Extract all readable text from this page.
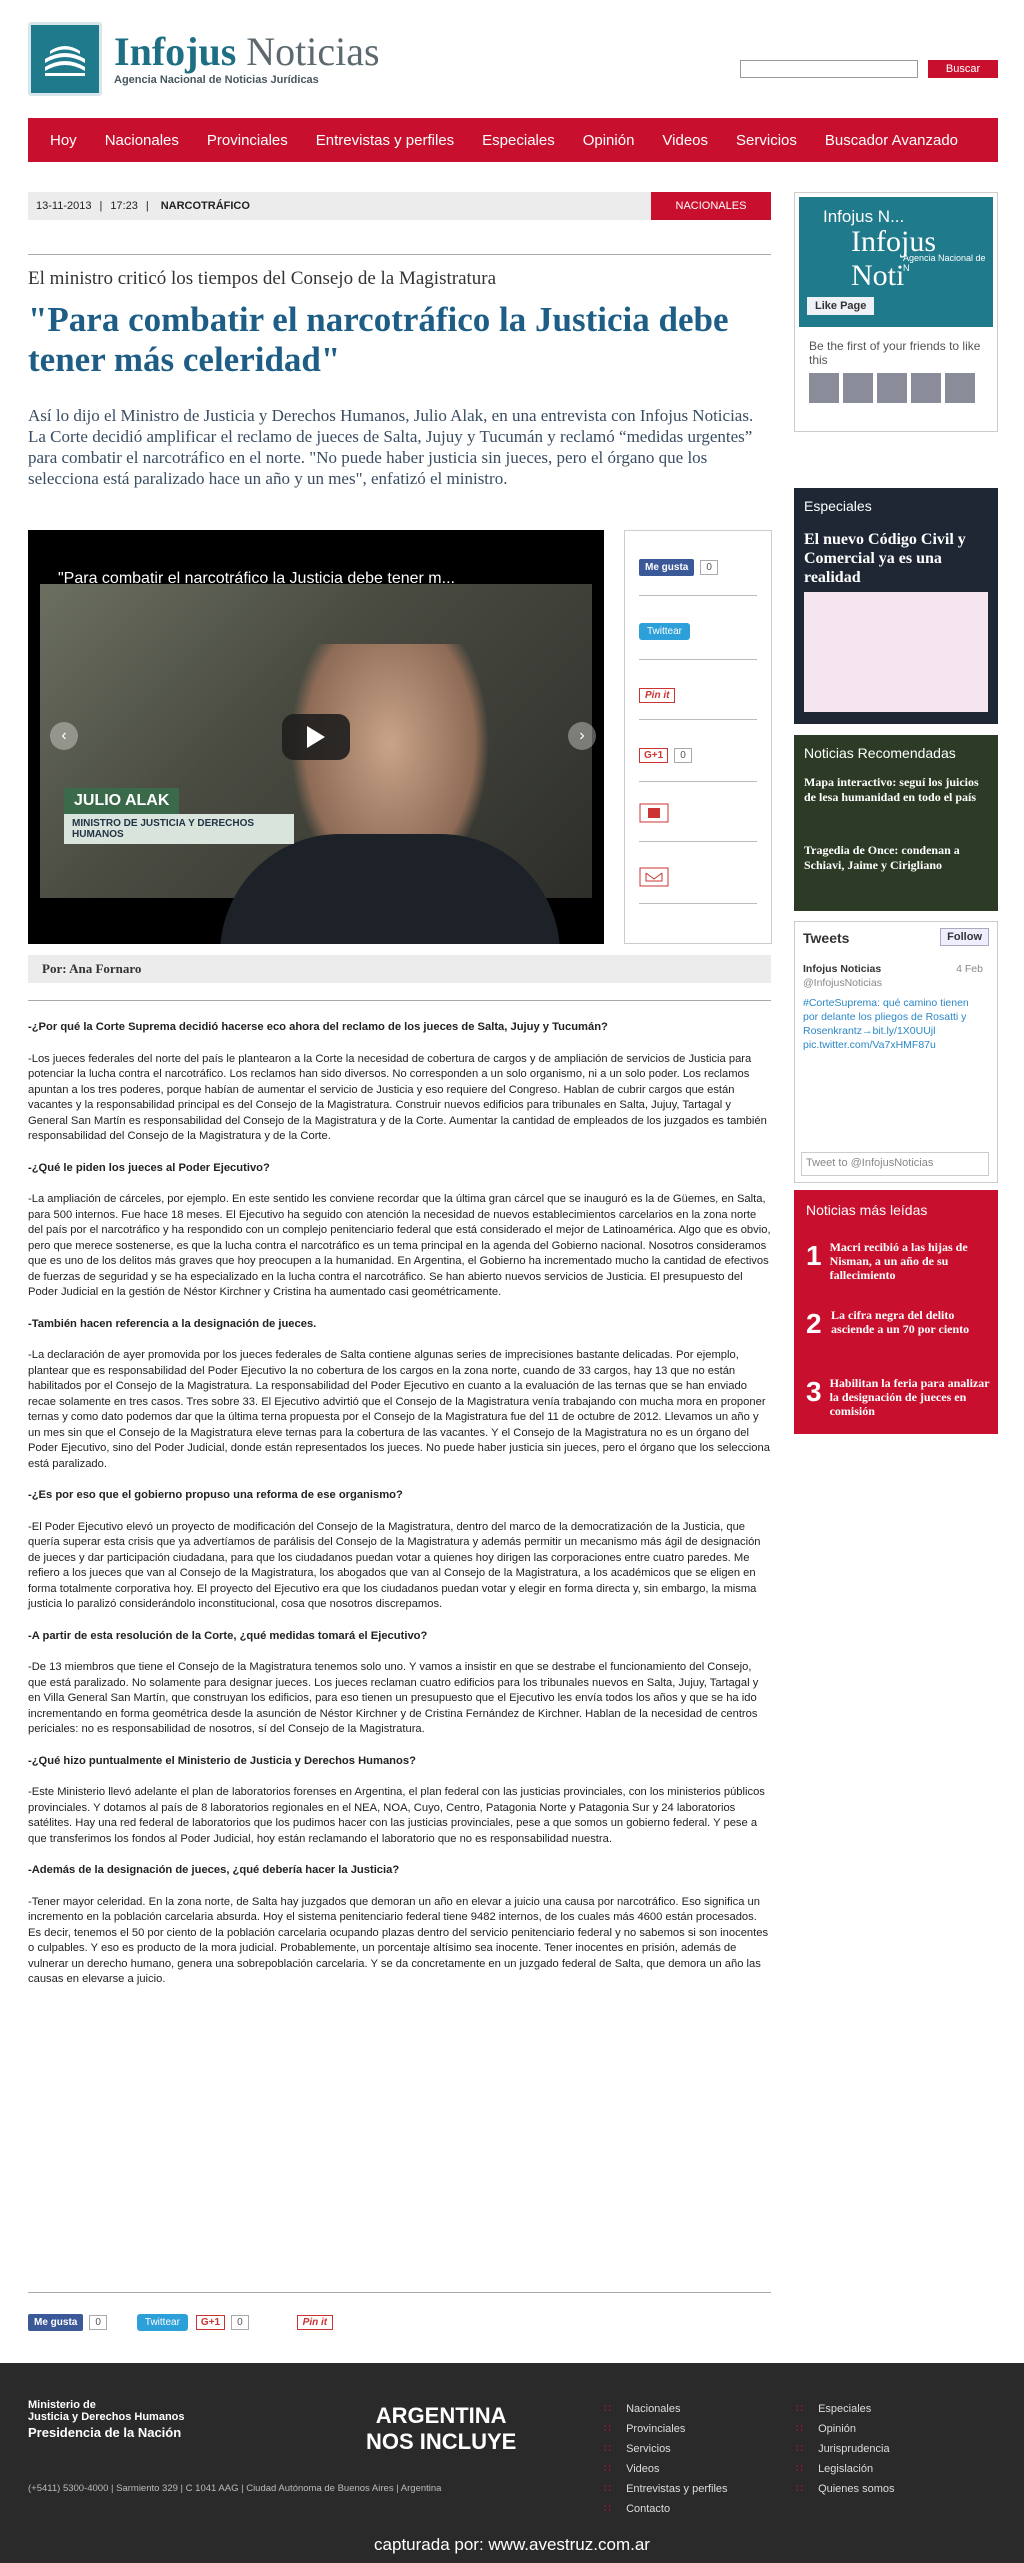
Infojus Noticias
Agencia Nacional de Noticias Jurídicas
Buscar
Hoy Nacionales Provinciales Entrevistas y perfiles Especiales Opinión Videos Servicios Buscador Avanzado
13-11-2013 | 17:23 | NARCOTRÁFICO	NACIONALES
El ministro criticó los tiempos del Consejo de la Magistratura
"Para combatir el narcotráfico la Justicia debe tener más celeridad"

Así lo dijo el Ministro de Justicia y Derechos Humanos, Julio Alak, en una entrevista con Infojus Noticias. La Corte decidió amplificar el reclamo de jueces de Salta, Jujuy y Tucumán y reclamó “medidas urgentes” para combatir el narcotráfico en el norte. "No puede haber justicia sin jueces, pero el órgano que los selecciona está paralizado hace un año y un mes", enfatizó el ministro.

"Para combatir el narcotráfico la Justicia debe tener m...
‹	›
JULIO ALAK
MINISTRO DE JUSTICIA Y DERECHOS HUMANOS
Me gusta	0
Twittear
Pin it
G+1	0
Por: Ana Fornaro

-¿Por qué la Corte Suprema decidió hacerse eco ahora del reclamo de los jueces de Salta, Jujuy y Tucumán?

-Los jueces federales del norte del país le plantearon a la Corte la necesidad de cobertura de cargos y de ampliación de servicios de Justicia para potenciar la lucha contra el narcotráfico. Los reclamos han sido diversos. No corresponden a un solo organismo, ni a un solo poder. Los reclamos apuntan a los tres poderes, porque habían de aumentar el servicio de Justicia y eso requiere del Congreso. Hablan de cubrir cargos que están vacantes y la responsabilidad principal es del Consejo de la Magistratura. Construir nuevos edificios para tribunales en Salta, Jujuy, Tartagal y General San Martín es responsabilidad del Consejo de la Magistratura y de la Corte. Aumentar la cantidad de empleados de los juzgados es también responsabilidad del Consejo de la Magistratura y de la Corte.

-¿Qué le piden los jueces al Poder Ejecutivo?

-La ampliación de cárceles, por ejemplo. En este sentido les conviene recordar que la última gran cárcel que se inauguró es la de Güemes, en Salta, para 500 internos. Fue hace 18 meses. El Ejecutivo ha seguido con atención la necesidad de nuevos establecimientos carcelarios en la zona norte del país por el narcotráfico y ha respondido con un complejo penitenciario federal que está considerado el mejor de Latinoamérica. Algo que es obvio, pero que merece sostenerse, es que la lucha contra el narcotráfico es un tema principal en la agenda del Gobierno nacional. Nosotros consideramos que es uno de los delitos más graves que hoy preocupen a la humanidad. En Argentina, el Gobierno ha incrementado mucho la cantidad de efectivos de fuerzas de seguridad y se ha especializado en la lucha contra el narcotráfico. Se han abierto nuevos servicios de Justicia. El presupuesto del Poder Judicial en la gestión de Néstor Kirchner y Cristina ha aumentado casi geométricamente.

-También hacen referencia a la designación de jueces.

-La declaración de ayer promovida por los jueces federales de Salta contiene algunas series de imprecisiones bastante delicadas. Por ejemplo, plantear que es responsabilidad del Poder Ejecutivo la no cobertura de los cargos en la zona norte, cuando de 33 cargos, hay 13 que no están habilitados por el Consejo de la Magistratura. La responsabilidad del Poder Ejecutivo en cuanto a la evaluación de las ternas que se han enviado recae solamente en tres casos. Tres sobre 33. El Ejecutivo advirtió que el Consejo de la Magistratura venía trabajando con mucha mora en proponer ternas y como dato podemos dar que la última terna propuesta por el Consejo de la Magistratura fue del 11 de octubre de 2012. Llevamos un año y un mes sin que el Consejo de la Magistratura eleve ternas para la cobertura de las vacantes. Y el Consejo de la Magistratura no es un órgano del Poder Ejecutivo, sino del Poder Judicial, donde están representados los jueces. No puede haber justicia sin jueces, pero el órgano que los selecciona está paralizado.

-¿Es por eso que el gobierno propuso una reforma de ese organismo?

-El Poder Ejecutivo elevó un proyecto de modificación del Consejo de la Magistratura, dentro del marco de la democratización de la Justicia, que quería superar esta crisis que ya advertíamos de parálisis del Consejo de la Magistratura y además permitir un mecanismo más ágil de designación de jueces y dar participación ciudadana, para que los ciudadanos puedan votar a quienes hoy dirigen las corporaciones entre cuatro paredes. Me refiero a los jueces que van al Consejo de la Magistratura, los abogados que van al Consejo de la Magistratura, a los académicos que se eligen en forma totalmente corporativa hoy. El proyecto del Ejecutivo era que los ciudadanos puedan votar y elegir en forma directa y, sin embargo, la misma justicia lo paralizó considerándolo inconstitucional, cosa que nosotros discrepamos.

-A partir de esta resolución de la Corte, ¿qué medidas tomará el Ejecutivo?

-De 13 miembros que tiene el Consejo de la Magistratura tenemos solo uno. Y vamos a insistir en que se destrabe el funcionamiento del Consejo, que está paralizado. No solamente para designar jueces. Los jueces reclaman cuatro edificios para los tribunales nuevos en Salta, Jujuy, Tartagal y en Villa General San Martín, que construyan los edificios, para eso tienen un presupuesto que el Ejecutivo les envía todos los años y que se ha ido incrementando en forma geométrica desde la asunción de Néstor Kirchner y de Cristina Fernández de Kirchner. Hablan de la necesidad de centros periciales: no es responsabilidad de nosotros, sí del Consejo de la Magistratura.

-¿Qué hizo puntualmente el Ministerio de Justicia y Derechos Humanos?

-Este Ministerio llevó adelante el plan de laboratorios forenses en Argentina, el plan federal con las justicias provinciales, con los ministerios públicos provinciales. Y dotamos al país de 8 laboratorios regionales en el NEA, NOA, Cuyo, Centro, Patagonia Norte y Patagonia Sur y 24 laboratorios satélites. Hay una red federal de laboratorios que los pudimos hacer con las justicias provinciales, pese a que somos un gobierno federal. Y pese a que transferimos los fondos al Poder Judicial, hoy están reclamando el laboratorio que no es responsabilidad nuestra.

-Además de la designación de jueces, ¿qué debería hacer la Justicia?

-Tener mayor celeridad. En la zona norte, de Salta hay juzgados que demoran un año en elevar a juicio una causa por narcotráfico. Eso significa un incremento en la población carcelaria absurda. Hoy el sistema penitenciario federal tiene 9482 internos, de los cuales más 4600 están procesados. Es decir, tenemos el 50 por ciento de la población carcelaria ocupando plazas dentro del servicio penitenciario federal y no sabemos si son inocentes o culpables. Y eso es producto de la mora judicial. Probablemente, un porcentaje altísimo sea inocente. Tener inocentes en prisión, además de vulnerar un derecho humano, genera una sobrepoblación carcelaria. Y se da concretamente en un juzgado federal de Salta, que demora un año las causas en elevarse a juicio.

Me gusta	0	Twittear	G+1	0	Pin it
Infojus N...
Infojus Noti
Agencia Nacional de N
Like Page
Be the first of your friends to like this
Especiales
El nuevo Código Civil y Comercial ya es una realidad
Noticias Recomendadas
Mapa interactivo: seguí los juicios de lesa humanidad en todo el país
Tragedia de Once: condenan a Schiavi, Jaime y Cirigliano
Tweets	Follow
Infojus Noticias	4 Feb
@InfojusNoticias
#CorteSuprema: qué camino tienen por delante los pliegos de Rosatti y Rosenkrantz→bit.ly/1X0UUjl pic.twitter.com/Va7xHMF87u
Tweet to @InfojusNoticias
Noticias más leídas
1 Macri recibió a las hijas de Nisman, a un año de su fallecimiento
2 La cifra negra del delito asciende a un 70 por ciento
3 Habilitan la feria para analizar la designación de jueces en comisión
Ministerio de
Justicia y Derechos Humanos
Presidencia de la Nación
(+5411) 5300-4000 | Sarmiento 329 | C 1041 AAG | Ciudad Autónoma de Buenos Aires | Argentina
ARGENTINA
NOS INCLUYE
∷ Nacionales
∷ Provinciales
∷ Servicios
∷ Videos
∷ Entrevistas y perfiles
∷ Contacto
∷ Especiales
∷ Opinión
∷ Jurisprudencia
∷ Legislación
∷ Quienes somos
capturada por: www.avestruz.com.ar
